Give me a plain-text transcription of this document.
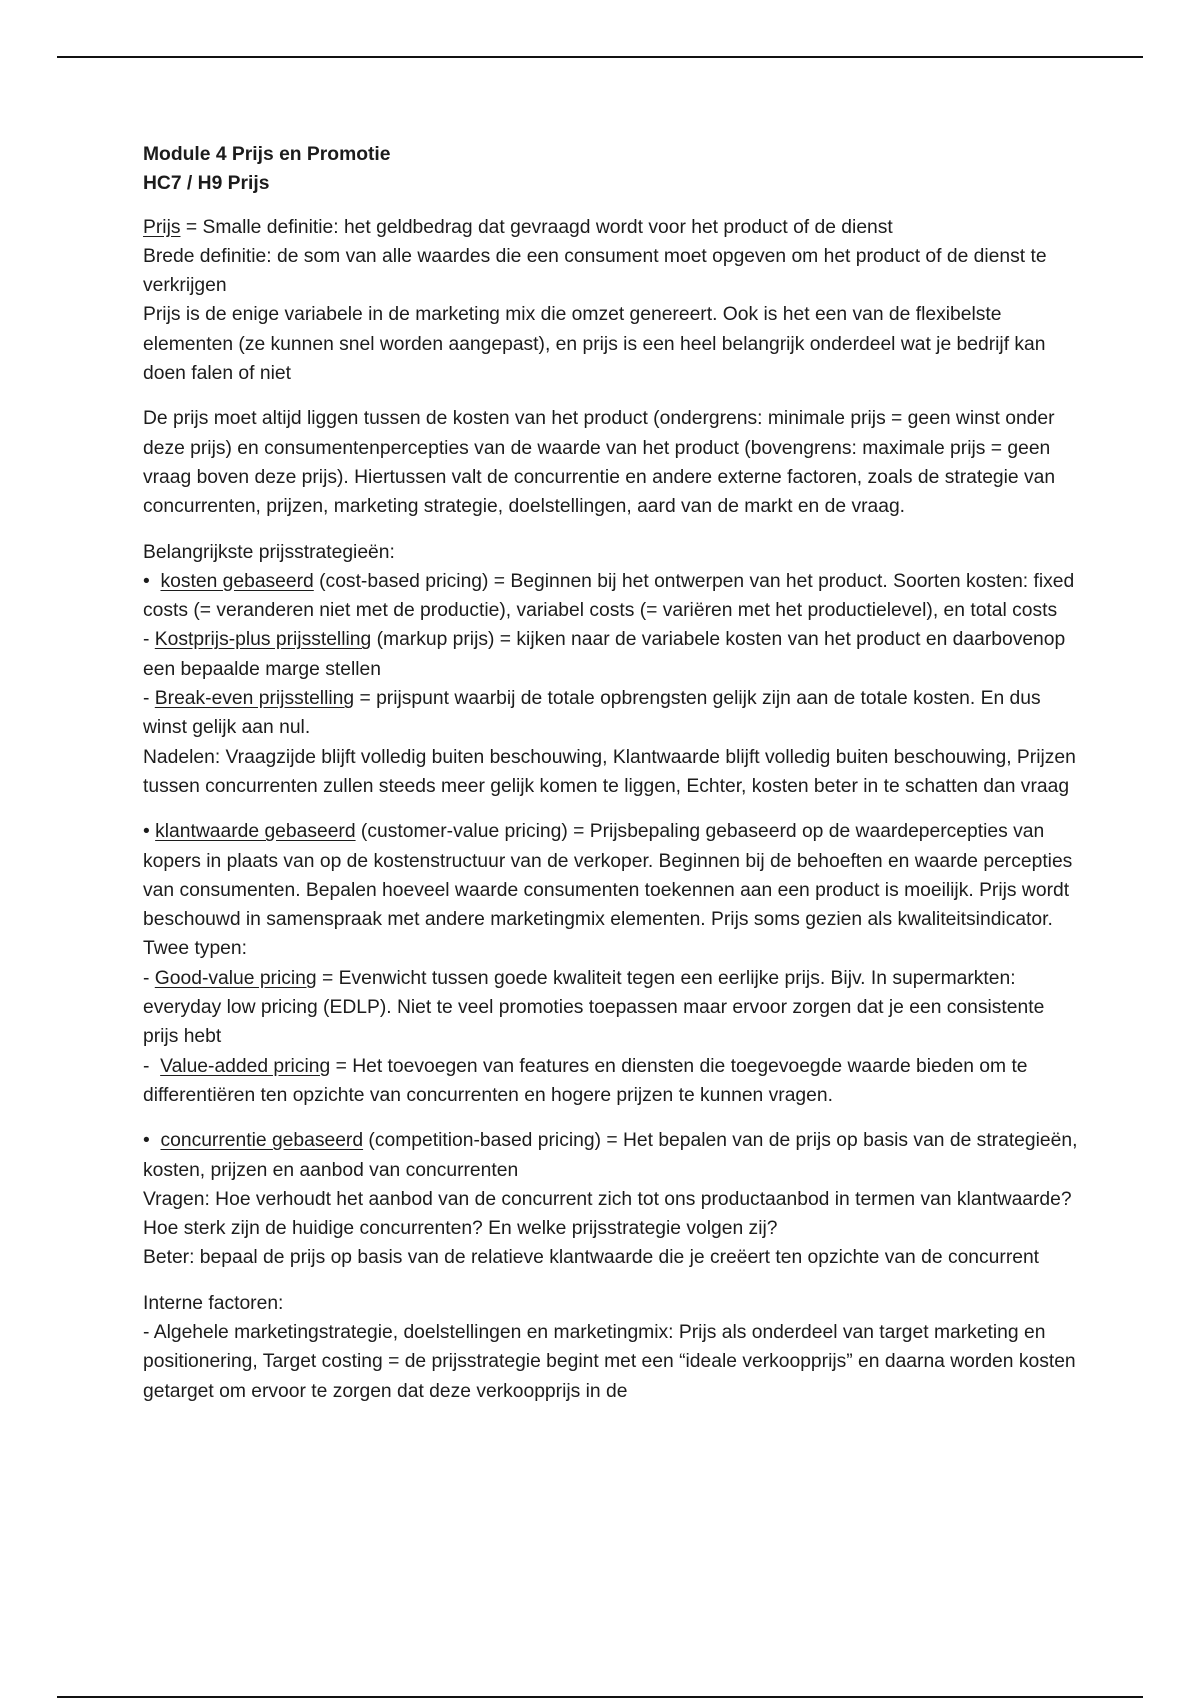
Module 4 Prijs en Promotie

HC7 / H9 Prijs

Prijs = Smalle definitie: het geldbedrag dat gevraagd wordt voor het product of de dienst

Brede definitie: de som van alle waardes die een consument moet opgeven om het product of de dienst te verkrijgen

Prijs is de enige variabele in de marketing mix die omzet genereert. Ook is het een van de flexibelste elementen (ze kunnen snel worden aangepast), en prijs is een heel belangrijk onderdeel wat je bedrijf kan doen falen of niet

De prijs moet altijd liggen tussen de kosten van het product (ondergrens: minimale prijs = geen winst onder deze prijs) en consumentenpercepties van de waarde van het product (bovengrens: maximale prijs = geen vraag boven deze prijs). Hiertussen valt de concurrentie en andere externe factoren, zoals de strategie van concurrenten, prijzen, marketing strategie, doelstellingen, aard van de markt en de vraag.

Belangrijkste prijsstrategieën:

• kosten gebaseerd (cost-based pricing) = Beginnen bij het ontwerpen van het product. Soorten kosten: fixed costs (= veranderen niet met de productie), variabel costs (= variëren met het productielevel), en total costs

- Kostprijs-plus prijsstelling (markup prijs) = kijken naar de variabele kosten van het product en daarbovenop een bepaalde marge stellen

- Break-even prijsstelling = prijspunt waarbij de totale opbrengsten gelijk zijn aan de totale kosten. En dus winst gelijk aan nul.

Nadelen: Vraagzijde blijft volledig buiten beschouwing, Klantwaarde blijft volledig buiten beschouwing, Prijzen tussen concurrenten zullen steeds meer gelijk komen te liggen, Echter, kosten beter in te schatten dan vraag

• klantwaarde gebaseerd (customer-value pricing) = Prijsbepaling gebaseerd op de waardepercepties van kopers in plaats van op de kostenstructuur van de verkoper. Beginnen bij de behoeften en waarde percepties van consumenten. Bepalen hoeveel waarde consumenten toekennen aan een product is moeilijk. Prijs wordt beschouwd in samenspraak met andere marketingmix elementen. Prijs soms gezien als kwaliteitsindicator.

Twee typen:

- Good-value pricing = Evenwicht tussen goede kwaliteit tegen een eerlijke prijs. Bijv. In supermarkten: everyday low pricing (EDLP). Niet te veel promoties toepassen maar ervoor zorgen dat je een consistente prijs hebt

-  Value-added pricing = Het toevoegen van features en diensten die toegevoegde waarde bieden om te differentiëren ten opzichte van concurrenten en hogere prijzen te kunnen vragen.

• concurrentie gebaseerd (competition-based pricing) = Het bepalen van de prijs op basis van de strategieën, kosten, prijzen en aanbod van concurrenten

Vragen: Hoe verhoudt het aanbod van de concurrent zich tot ons productaanbod in termen van klantwaarde? Hoe sterk zijn de huidige concurrenten? En welke prijsstrategie volgen zij?

Beter: bepaal de prijs op basis van de relatieve klantwaarde die je creëert ten opzichte van de concurrent

Interne factoren:

- Algehele marketingstrategie, doelstellingen en marketingmix: Prijs als onderdeel van target marketing en positionering, Target costing = de prijsstrategie begint met een “ideale verkoopprijs” en daarna worden kosten getarget om ervoor te zorgen dat deze verkoopprijs in de
